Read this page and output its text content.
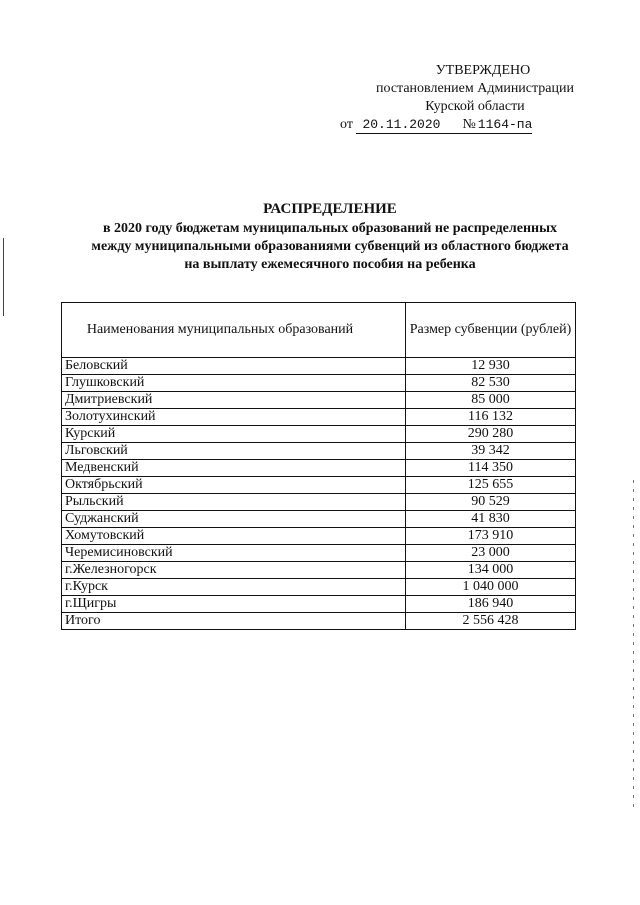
УТВЕРЖДЕНО
постановлением Администрации
Курской области
от 20.11.2020 № 1164-па
РАСПРЕДЕЛЕНИЕ
в 2020 году бюджетам муниципальных образований не распределенных
между муниципальными образованиями субвенций из областного бюджета
на выплату ежемесячного пособия на ребенка
Наименования муниципальных образований	Размер субвенции (рублей)
Беловский	12 930
Глушковский	82 530
Дмитриевский	85 000
Золотухинский	116 132
Курский	290 280
Льговский	39 342
Медвенский	114 350
Октябрьский	125 655
Рыльский	90 529
Суджанский	41 830
Хомутовский	173 910
Черемисиновский	23 000
г.Железногорск	134 000
г.Курск	1 040 000
г.Щигры	186 940
Итого	2 556 428
